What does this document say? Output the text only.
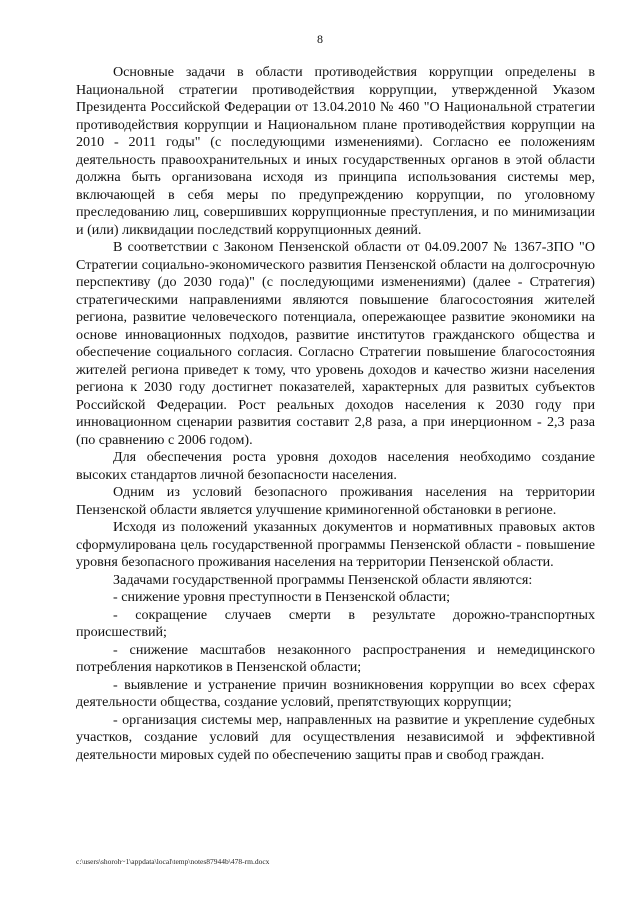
8

Основные задачи в области противодействия коррупции определены в Национальной стратегии противодействия коррупции, утвержденной Указом Президента Российской Федерации от 13.04.2010 № 460 "О Национальной стратегии противодействия коррупции и Национальном плане противодействия коррупции на 2010 - 2011 годы" (с последующими изменениями). Согласно ее положениям деятельность правоохранительных и иных государственных органов в этой области должна быть организована исходя из принципа использования системы мер, включающей в себя меры по предупреждению коррупции, по уголовному преследованию лиц, совершивших коррупционные преступления, и по минимизации и (или) ликвидации последствий коррупционных деяний.

В соответствии с Законом Пензенской области от 04.09.2007 № 1367-ЗПО "О Стратегии социально-экономического развития Пензенской области на долгосрочную перспективу (до 2030 года)" (с последующими изменениями) (далее - Стратегия) стратегическими направлениями являются повышение благосостояния жителей региона, развитие человеческого потенциала, опережающее развитие экономики на основе инновационных подходов, развитие институтов гражданского общества и обеспечение социального согласия. Согласно Стратегии повышение благосостояния жителей региона приведет к тому, что уровень доходов и качество жизни населения региона к 2030 году достигнет показателей, характерных для развитых субъектов Российской Федерации. Рост реальных доходов населения к 2030 году при инновационном сценарии развития составит 2,8 раза, а при инерционном - 2,3 раза (по сравнению с 2006 годом).

Для обеспечения роста уровня доходов населения необходимо создание высоких стандартов личной безопасности населения.

Одним из условий безопасного проживания населения на территории Пензенской области является улучшение криминогенной обстановки в регионе.

Исходя из положений указанных документов и нормативных правовых актов сформулирована цель государственной программы Пензенской области - повышение уровня безопасного проживания населения на территории Пензенской области.

Задачами государственной программы Пензенской области являются:

- снижение уровня преступности в Пензенской области;

- сокращение случаев смерти в результате дорожно-транспортных происшествий;

- снижение масштабов незаконного распространения и немедицинского потребления наркотиков в Пензенской области;

- выявление и устранение причин возникновения коррупции во всех сферах деятельности общества, создание условий, препятствующих коррупции;

- организация системы мер, направленных на развитие и укрепление судебных участков, создание условий для осуществления независимой и эффективной деятельности мировых судей по обеспечению защиты прав и свобод граждан.

c:\users\shoroh~1\appdata\local\temp\notes87944b\478-rm.docx
